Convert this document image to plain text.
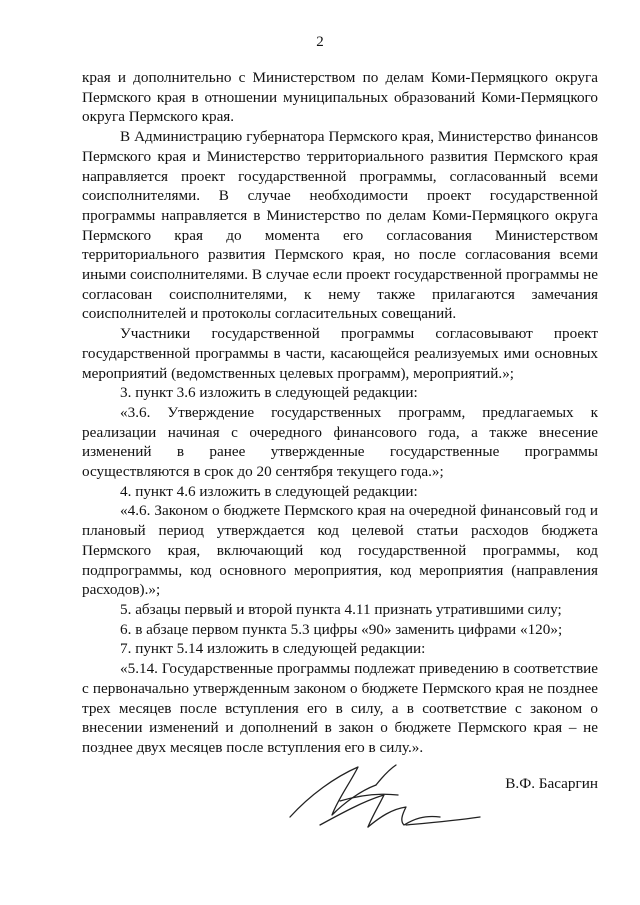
2

края и дополнительно с Министерством по делам Коми-Пермяцкого округа Пермского края в отношении муниципальных образований Коми-Пермяцкого округа Пермского края.

В Администрацию губернатора Пермского края, Министерство финансов Пермского края и Министерство территориального развития Пермского края направляется проект государственной программы, согласованный всеми соисполнителями. В случае необходимости проект государственной программы направляется в Министерство по делам Коми-Пермяцкого округа Пермского края до момента его согласования Министерством территориального развития Пермского края, но после согласования всеми иными соисполнителями. В случае если проект государственной программы не согласован соисполнителями, к нему также прилагаются замечания соисполнителей и протоколы согласительных совещаний.

Участники государственной программы согласовывают проект государственной программы в части, касающейся реализуемых ими основных мероприятий (ведомственных целевых программ), мероприятий.»;

3. пункт 3.6 изложить в следующей редакции:

«3.6. Утверждение государственных программ, предлагаемых к реализации начиная с очередного финансового года, а также внесение изменений в ранее утвержденные государственные программы осуществляются в срок до 20 сентября текущего года.»;

4. пункт 4.6 изложить в следующей редакции:

«4.6. Законом о бюджете Пермского края на очередной финансовый год и плановый период утверждается код целевой статьи расходов бюджета Пермского края, включающий код государственной программы, код подпрограммы, код основного мероприятия, код мероприятия (направления расходов).»;

5. абзацы первый и второй пункта 4.11 признать утратившими силу;

6. в абзаце первом пункта 5.3 цифры «90» заменить цифрами «120»;

7. пункт 5.14 изложить в следующей редакции:

«5.14. Государственные программы подлежат приведению в соответствие с первоначально утвержденным законом о бюджете Пермского края не позднее трех месяцев после вступления его в силу, а в соответствие с законом о внесении изменений и дополнений в закон о бюджете Пермского края – не позднее двух месяцев после вступления его в силу.».

В.Ф. Басаргин
